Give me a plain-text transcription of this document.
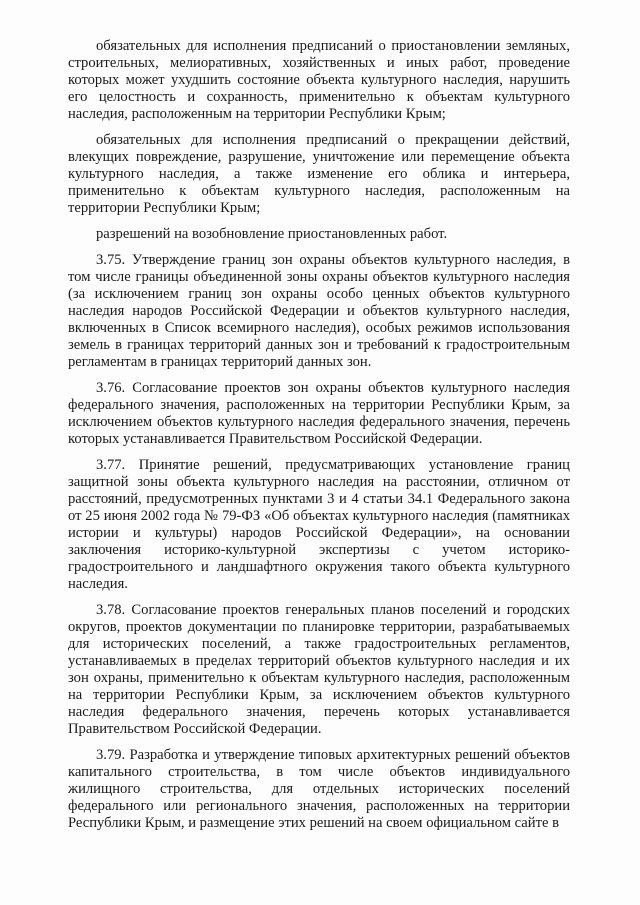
обязательных для исполнения предписаний о приостановлении земляных, строительных, мелиоративных, хозяйственных и иных работ, проведение которых может ухудшить состояние объекта культурного наследия, нарушить его целостность и сохранность, применительно к объектам культурного наследия, расположенным на территории Республики Крым;

обязательных для исполнения предписаний о прекращении действий, влекущих повреждение, разрушение, уничтожение или перемещение объекта культурного наследия, а также изменение его облика и интерьера, применительно к объектам культурного наследия, расположенным на территории Республики Крым;

разрешений на возобновление приостановленных работ.

3.75. Утверждение границ зон охраны объектов культурного наследия, в том числе границы объединенной зоны охраны объектов культурного наследия (за исключением границ зон охраны особо ценных объектов культурного наследия народов Российской Федерации и объектов культурного наследия, включенных в Список всемирного наследия), особых режимов использования земель в границах территорий данных зон и требований к градостроительным регламентам в границах территорий данных зон.

3.76. Согласование проектов зон охраны объектов культурного наследия федерального значения, расположенных на территории Республики Крым, за исключением объектов культурного наследия федерального значения, перечень которых устанавливается Правительством Российской Федерации.

3.77. Принятие решений, предусматривающих установление границ защитной зоны объекта культурного наследия на расстоянии, отличном от расстояний, предусмотренных пунктами 3 и 4 статьи 34.1 Федерального закона от 25 июня 2002 года № 79-ФЗ «Об объектах культурного наследия (памятниках истории и культуры) народов Российской Федерации», на основании заключения историко-культурной экспертизы с учетом историко-градостроительного и ландшафтного окружения такого объекта культурного наследия.

3.78. Согласование проектов генеральных планов поселений и городских округов, проектов документации по планировке территории, разрабатываемых для исторических поселений, а также градостроительных регламентов, устанавливаемых в пределах территорий объектов культурного наследия и их зон охраны, применительно к объектам культурного наследия, расположенным на территории Республики Крым, за исключением объектов культурного наследия федерального значения, перечень которых устанавливается Правительством Российской Федерации.

3.79. Разработка и утверждение типовых архитектурных решений объектов капитального строительства, в том числе объектов индивидуального жилищного строительства, для отдельных исторических поселений федерального или регионального значения, расположенных на территории Республики Крым, и размещение этих решений на своем официальном сайте в
